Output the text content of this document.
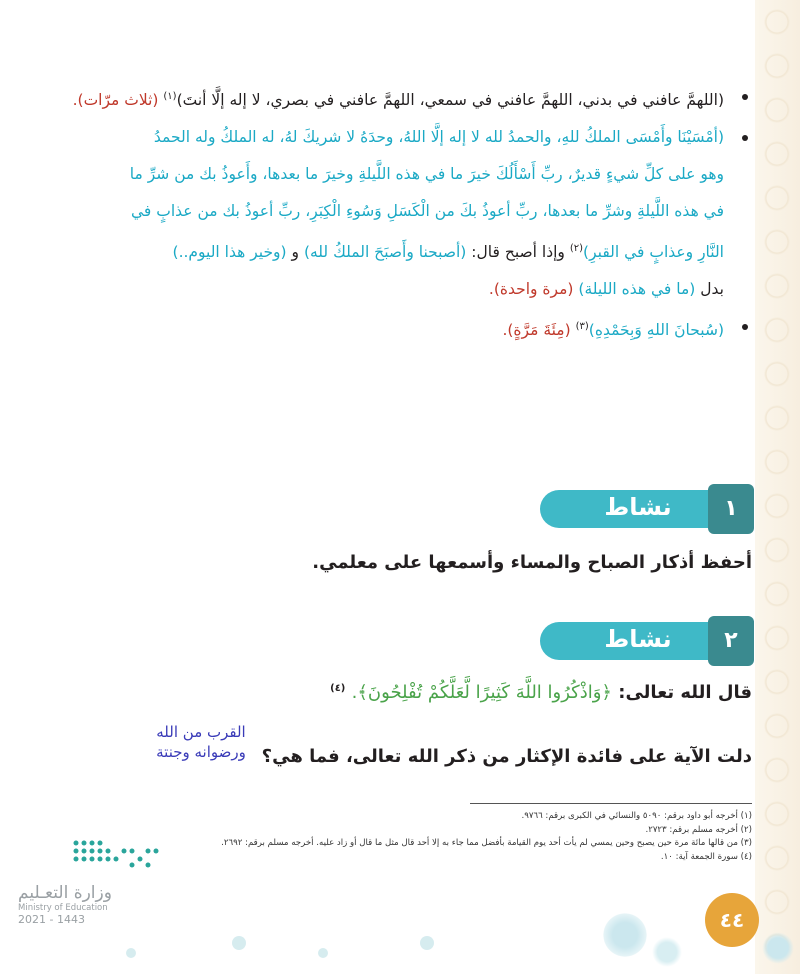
(اللهمَّ عافني في بدني، اللهمَّ عافني في سمعي، اللهمَّ عافني في بصري، لا إله إلَّا أنتَ)$^{(١)}$ (ثلاث مرّات).
(أمْسَيْنَا وأَمْسَى الملكُ للهِ، والحمدُ لله لا إله إلَّا اللهُ، وحدَهُ لا شريكَ لهُ، له الملكُ وله الحمدُ
وهو على كلِّ شيءٍ قديرٌ، ربِّ أَسْأَلُكَ خيرَ ما في هذه اللَّيلةِ وخيرَ ما بعدها، وأَعوذُ بك من شرِّ ما
في هذه اللَّيلةِ وشرِّ ما بعدها، ربِّ أعوذُ بكَ من الْكَسَلِ وَسُوءِ الْكِبَرِ، ربِّ أعوذُ بك من عذابٍ في
النَّارِ وعذابٍ في القبرِ)$^{(٢)}$ وإذا أصبح قال: (أصبحنا وأَصبَحَ الملكُ لله) و (وخير هذا اليوم..)
بدل (ما في هذه الليلة) (مرة واحدة).
(سُبحانَ اللهِ وَبِحَمْدِهِ)$^{(٣)}$ (مِئَةَ مَرَّةٍ).
نشاط	١
أحفظ أذكار الصباح والمساء وأسمعها على معلمي.
نشاط	٢
قال الله تعالى: ﴿وَاذْكُرُوا اللَّهَ كَثِيرًا لَّعَلَّكُمْ تُفْلِحُونَ﴾. $^{(٤)}$
دلت الآية على فائدة الإكثار من ذكر الله تعالى، فما هي؟
القرب من الله
ورضوانه وجنتة
(١) أخرجه أبو داود برقم: ٥٠٩٠ والنسائي في الكبرى برقم: ٩٧٦٦.
(٢) أخرجه مسلم برقم: ٢٧٢٣.
(٣) من قالها مائة مرة حين يصبح وحين يمسي لم يأت أحد يوم القيامة بأفضل مما جاء به إلا أحد قال مثل ما قال أو زاد عليه. أخرجه مسلم برقم: ٢٦٩٢.
(٤) سورة الجمعة آية: ١٠.
وزارة التعـليم
Ministry of Education
2021 - 1443	٤٤
